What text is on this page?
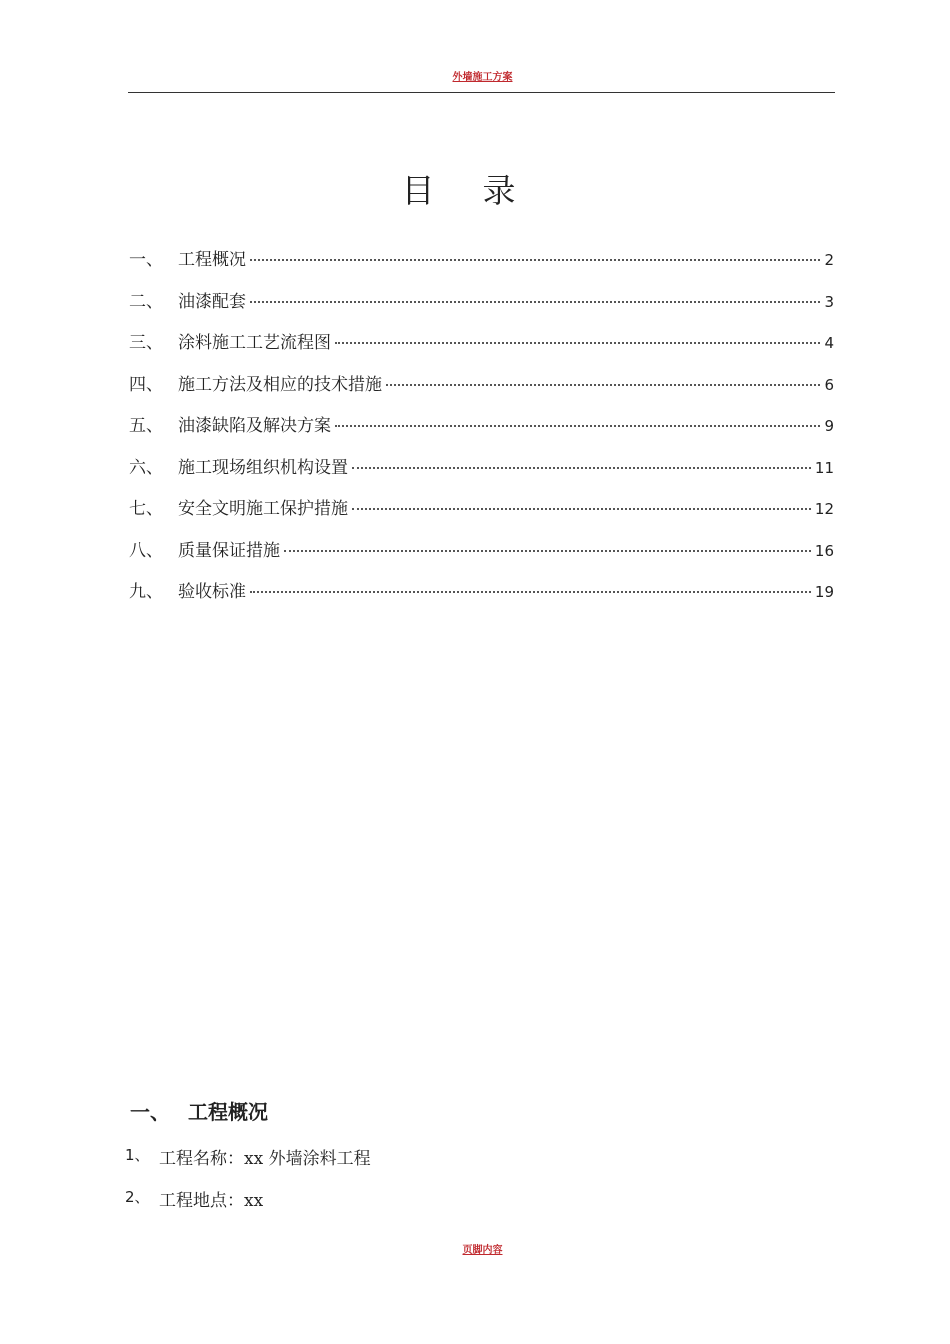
外墙施工方案
目录
一、 工程概况	2
二、 油漆配套	3
三、 涂料施工工艺流程图	4
四、 施工方法及相应的技术措施	6
五、 油漆缺陷及解决方案	9
六、 施工现场组织机构设置	11
七、 安全文明施工保护措施	12
八、 质量保证措施	16
九、 验收标准	19
一、 工程概况
1、 工程名称：xx 外墙涂料工程
2、 工程地点：xx
页脚内容
